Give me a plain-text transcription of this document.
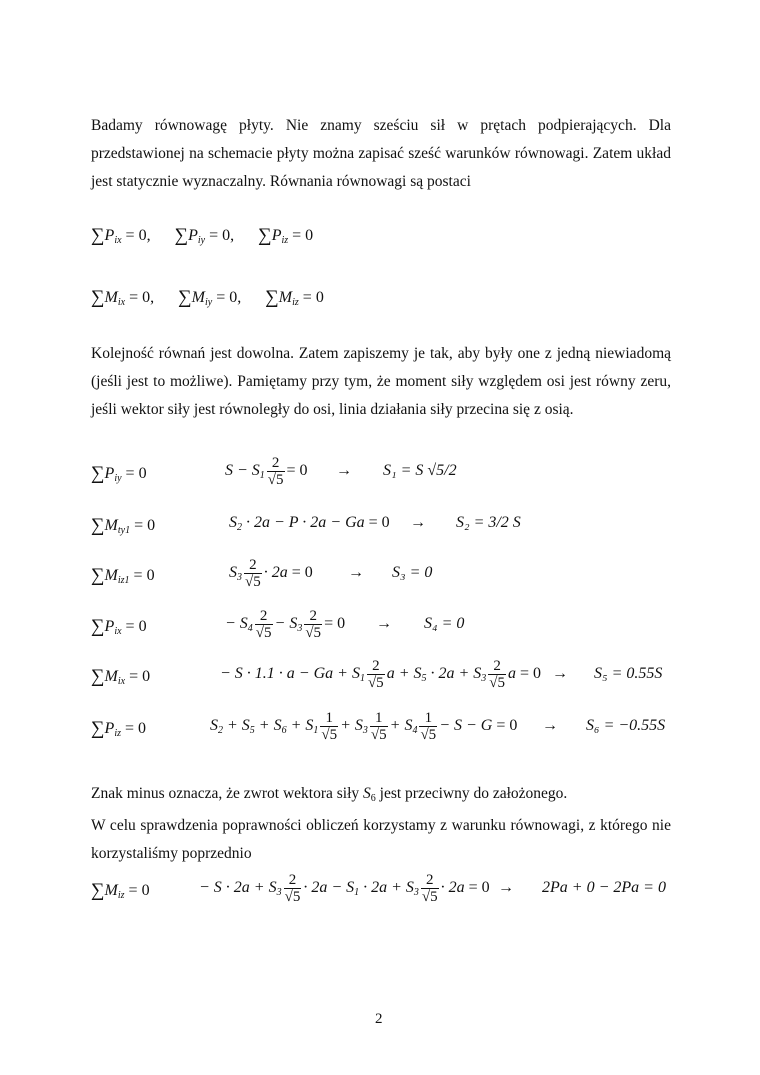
Badamy równowagę płyty. Nie znamy sześciu sił w prętach podpierających. Dla przedstawionej na schemacie płyty można zapisać sześć warunków równowagi. Zatem układ jest statycznie wyznaczalny. Równania równowagi są postaci
$\sum P_{ix} = 0$, $\sum P_{iy} = 0$, $\sum P_{iz} = 0$
$\sum M_{ix} = 0$, $\sum M_{iy} = 0$, $\sum M_{iz} = 0$
Kolejność równań jest dowolna. Zatem zapiszemy je tak, aby były one z jedną niewiadomą (jeśli jest to możliwe). Pamiętamy przy tym, że moment siły względem osi jest równy zeru, jeśli wektor siły jest równoległy do osi, linia działania siły przecina się z osią.
$\sum P_{iy} = 0$	$S - S_1 \frac{2}{√5} = 0 \to S_1 = S$ √5/2
$\sum M_{ty1} = 0$	$S_2 \cdot 2a - P \cdot 2a - Ga = 0 \to S_2 = 3/2$ S
$\sum M_{iz1} = 0$	$S_3 \frac{2}{√5} \cdot 2a = 0 \to S_3 = 0$
$\sum P_{ix} = 0$	− $S_4 \frac{2}{√5} - S_3 \frac{2}{√5} = 0 \to S_4 = 0$
$\sum M_{ix} = 0$	− $S \cdot 1.1 \cdot a - Ga + S_1 \frac{2}{√5}$ $a + S_5 \cdot 2a + S_3 \frac{2}{√5}$ a = 0 → S₅ = 0.55S
$\sum P_{iz} = 0$	$S_2 + S_5 + S_6 + S_1 \frac{1}{√5} + S_3 \frac{1}{√5} + S_4 \frac{1}{√5} - S - G = 0 \to S_6 = -0.55S$
Znak minus oznacza, że zwrot wektora siły $S_6$ jest przeciwny do założonego.
W celu sprawdzenia poprawności obliczeń korzystamy z warunku równowagi, z którego nie korzystaliśmy poprzednio
$\sum M_{iz} = 0$	− $S \cdot 2a + S_3 \frac{2}{√5} \cdot 2a - S_1 \cdot 2a + S_3 \frac{2}{√5} \cdot 2a = 0 \to 2Pa + 0 - 2Pa = 0$
2
